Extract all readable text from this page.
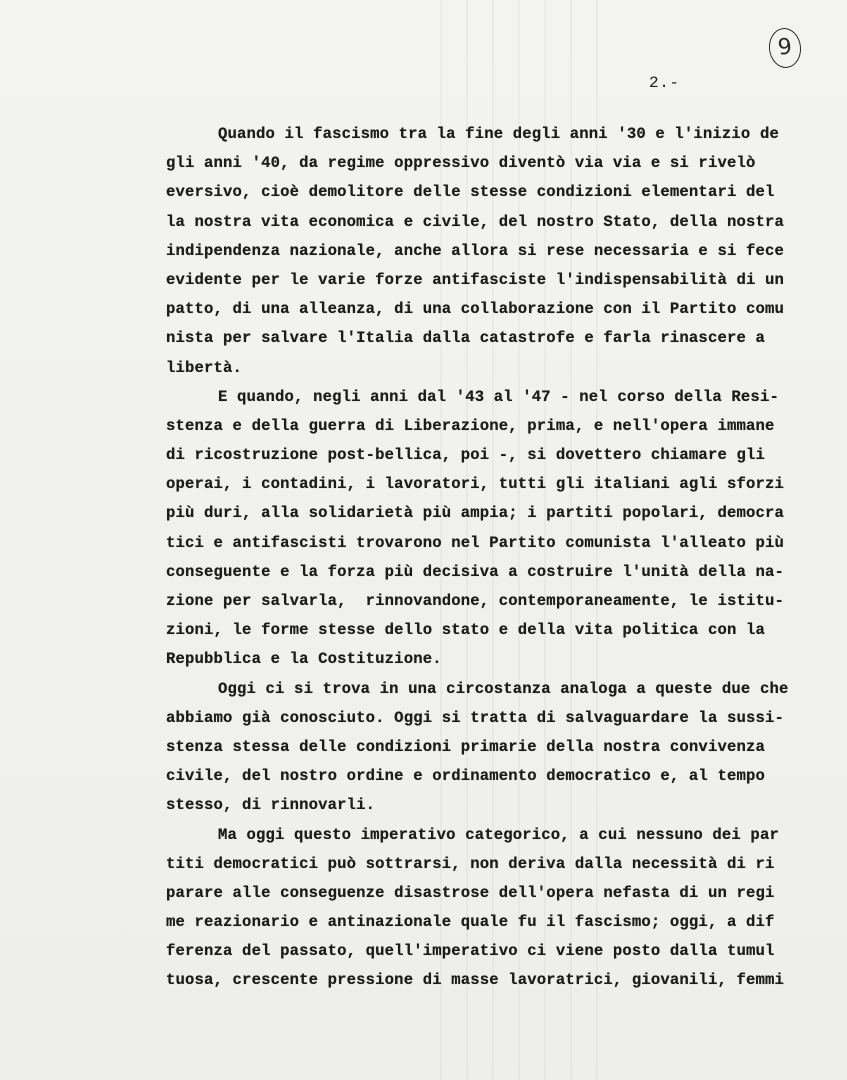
9
2.-
Quando il fascismo tra la fine degli anni '30 e l'inizio de
gli anni '40, da regime oppressivo diventò via via e si rivelò
eversivo, cioè demolitore delle stesse condizioni elementari del
la nostra vita economica e civile, del nostro Stato, della nostra
indipendenza nazionale, anche allora si rese necessaria e si fece
evidente per le varie forze antifasciste l'indispensabilità di un
patto, di una alleanza, di una collaborazione con il Partito comu
nista per salvare l'Italia dalla catastrofe e farla rinascere a
libertà.
E quando, negli anni dal '43 al '47 - nel corso della Resi-
stenza e della guerra di Liberazione, prima, e nell'opera immane
di ricostruzione post-bellica, poi -, si dovettero chiamare gli
operai, i contadini, i lavoratori, tutti gli italiani agli sforzi
più duri, alla solidarietà più ampia; i partiti popolari, democra
tici e antifascisti trovarono nel Partito comunista l'alleato più
conseguente e la forza più decisiva a costruire l'unità della na-
zione per salvarla,  rinnovandone, contemporaneamente, le istitu-
zioni, le forme stesse dello stato e della vita politica con la
Repubblica e la Costituzione.
Oggi ci si trova in una circostanza analoga a queste due che
abbiamo già conosciuto. Oggi si tratta di salvaguardare la sussi-
stenza stessa delle condizioni primarie della nostra convivenza
civile, del nostro ordine e ordinamento democratico e, al tempo
stesso, di rinnovarli.
Ma oggi questo imperativo categorico, a cui nessuno dei par
titi democratici può sottrarsi, non deriva dalla necessità di ri
parare alle conseguenze disastrose dell'opera nefasta di un regi
me reazionario e antinazionale quale fu il fascismo; oggi, a dif
ferenza del passato, quell'imperativo ci viene posto dalla tumul
tuosa, crescente pressione di masse lavoratrici, giovanili, femmi
